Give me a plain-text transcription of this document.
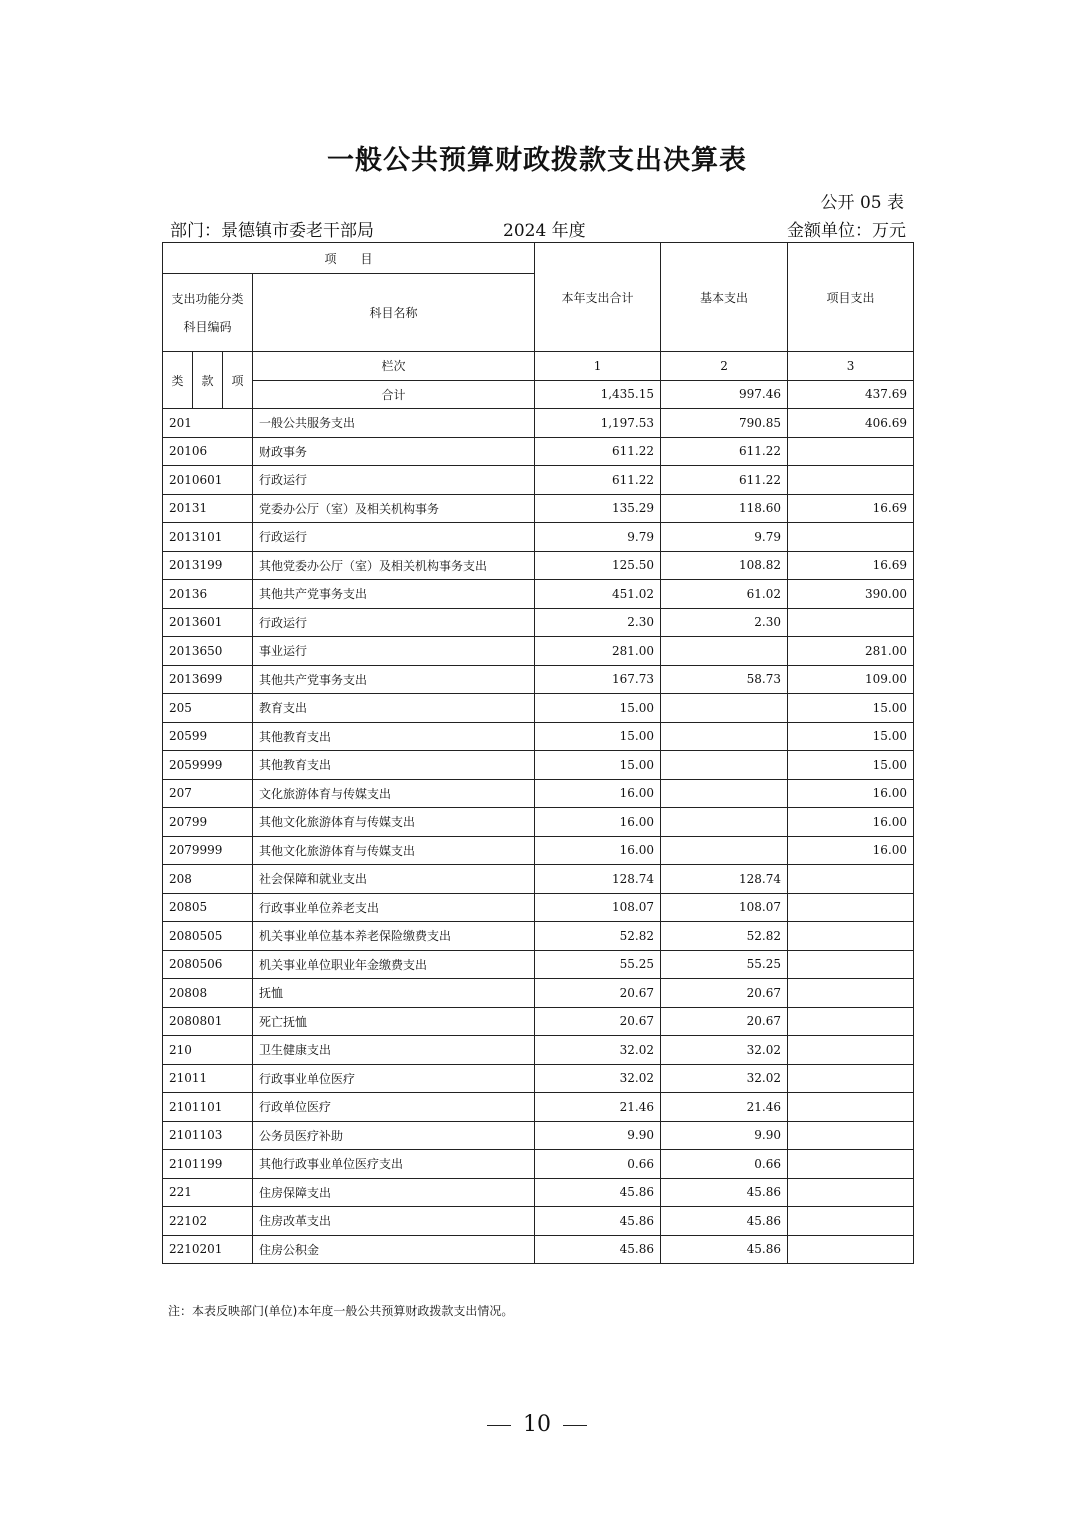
一般公共预算财政拨款支出决算表
公开 05 表
部门：景德镇市委老干部局	2024 年度	金额单位：万元
项　　目				本年支出合计	基本支出	项目支出
支出功能分类科目编码			科目名称			
类	款	项	栏次	1	2	3
			合计	1,435.15	997.46	437.69
201			一般公共服务支出	1,197.53	790.85	406.69
20106			财政事务	611.22	611.22	
2010601			行政运行	611.22	611.22	
20131			党委办公厅（室）及相关机构事务	135.29	118.60	16.69
2013101			行政运行	9.79	9.79	
2013199			其他党委办公厅（室）及相关机构事务支出	125.50	108.82	16.69
20136			其他共产党事务支出	451.02	61.02	390.00
2013601			行政运行	2.30	2.30	
2013650			事业运行	281.00		281.00
2013699			其他共产党事务支出	167.73	58.73	109.00
205			教育支出	15.00		15.00
20599			其他教育支出	15.00		15.00
2059999			其他教育支出	15.00		15.00
207			文化旅游体育与传媒支出	16.00		16.00
20799			其他文化旅游体育与传媒支出	16.00		16.00
2079999			其他文化旅游体育与传媒支出	16.00		16.00
208			社会保障和就业支出	128.74	128.74	
20805			行政事业单位养老支出	108.07	108.07	
2080505			机关事业单位基本养老保险缴费支出	52.82	52.82	
2080506			机关事业单位职业年金缴费支出	55.25	55.25	
20808			抚恤	20.67	20.67	
2080801			死亡抚恤	20.67	20.67	
210			卫生健康支出	32.02	32.02	
21011			行政事业单位医疗	32.02	32.02	
2101101			行政单位医疗	21.46	21.46	
2101103			公务员医疗补助	9.90	9.90	
2101199			其他行政事业单位医疗支出	0.66	0.66	
221			住房保障支出	45.86	45.86	
22102			住房改革支出	45.86	45.86	
2210201			住房公积金	45.86	45.86	
注：本表反映部门(单位)本年度一般公共预算财政拨款支出情况。
10
